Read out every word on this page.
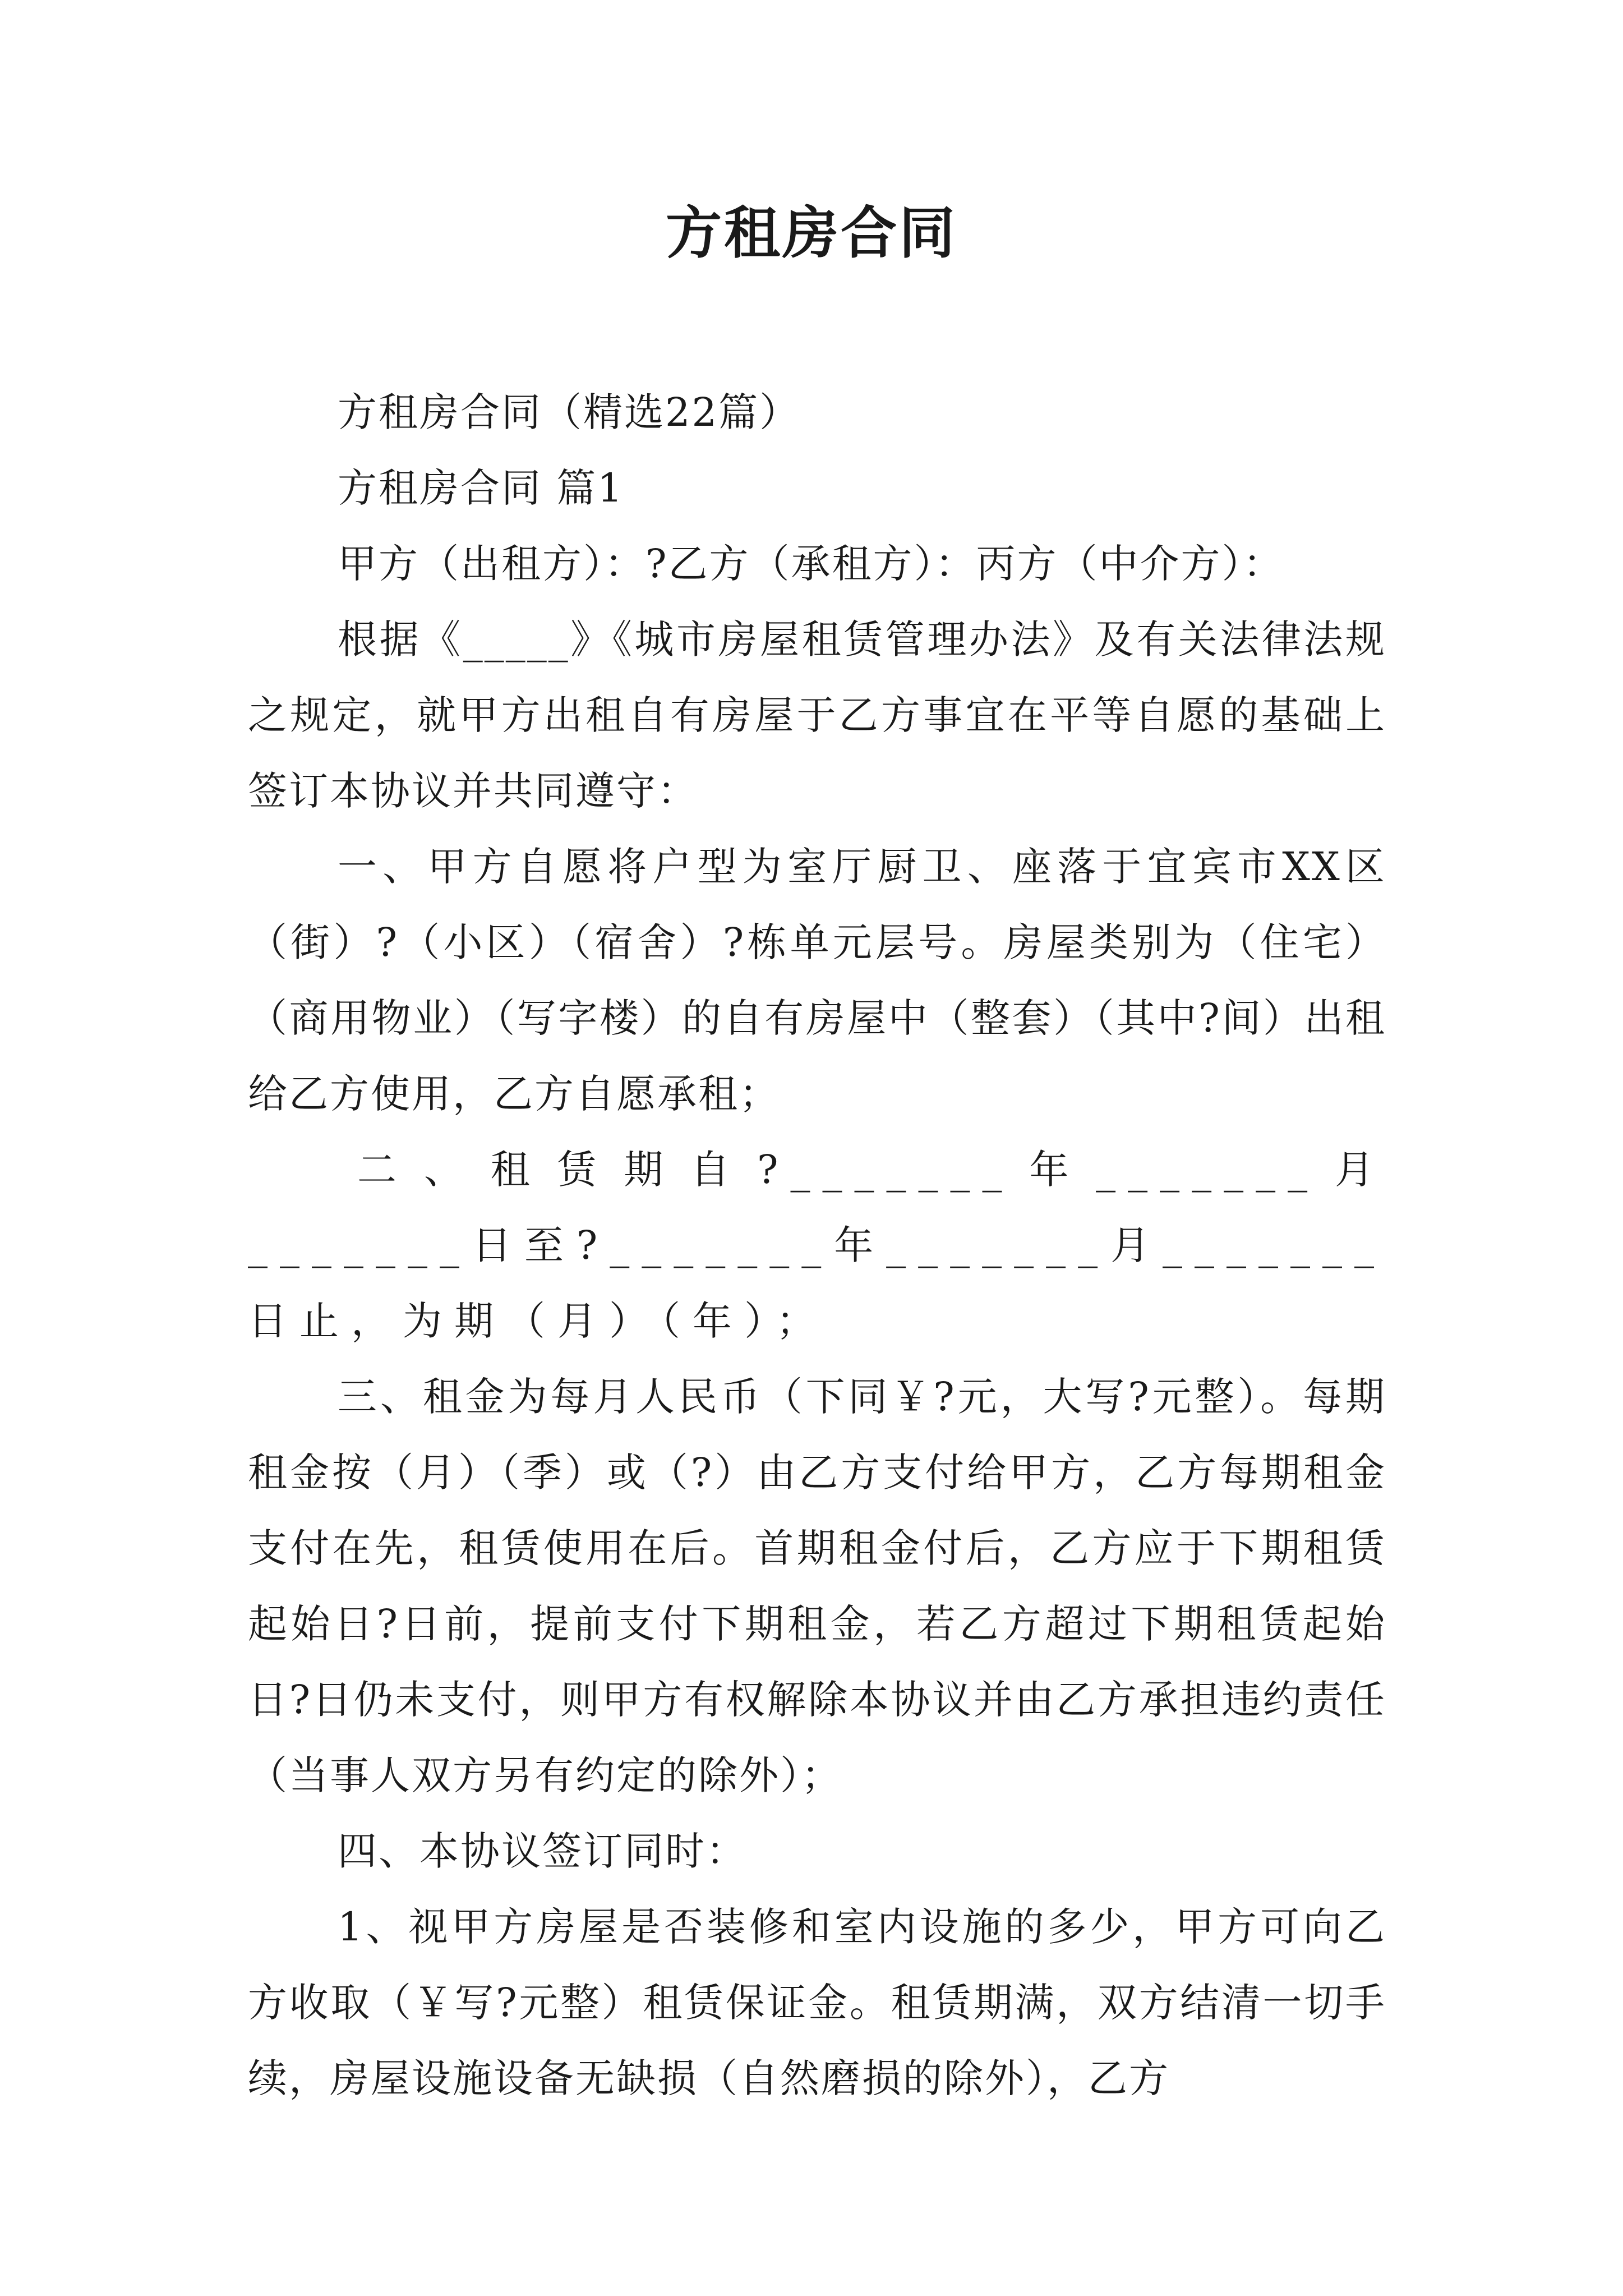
方租房合同

方租房合同（精选22篇）

方租房合同 篇1

甲方（出租方）：?乙方（承租方）：丙方（中介方）：

根据《_____》《城市房屋租赁管理办法》及有关法律法规之规定，就甲方出租自有房屋于乙方事宜在平等自愿的基础上签订本协议并共同遵守：

一、甲方自愿将户型为室厅厨卫、座落于宜宾市XX区（街）?（小区）（宿舍）?栋单元层号。房屋类别为（住宅）（商用物业）（写字楼）的自有房屋中（整套）（其中?间）出租给乙方使用，乙方自愿承租；

二、租赁期自?_______年_______月_______日至?_______年_______月_______日止，为期（月）（年）；

三、租金为每月人民币（下同￥?元，大写?元整）。每期租金按（月）（季）或（?）由乙方支付给甲方，乙方每期租金支付在先，租赁使用在后。首期租金付后，乙方应于下期租赁起始日?日前，提前支付下期租金，若乙方超过下期租赁起始日?日仍未支付，则甲方有权解除本协议并由乙方承担违约责任（当事人双方另有约定的除外）；

四、本协议签订同时：

1、视甲方房屋是否装修和室内设施的多少，甲方可向乙方收取（￥写?元整）租赁保证金。租赁期满，双方结清一切手续，房屋设施设备无缺损（自然磨损的除外），乙方
